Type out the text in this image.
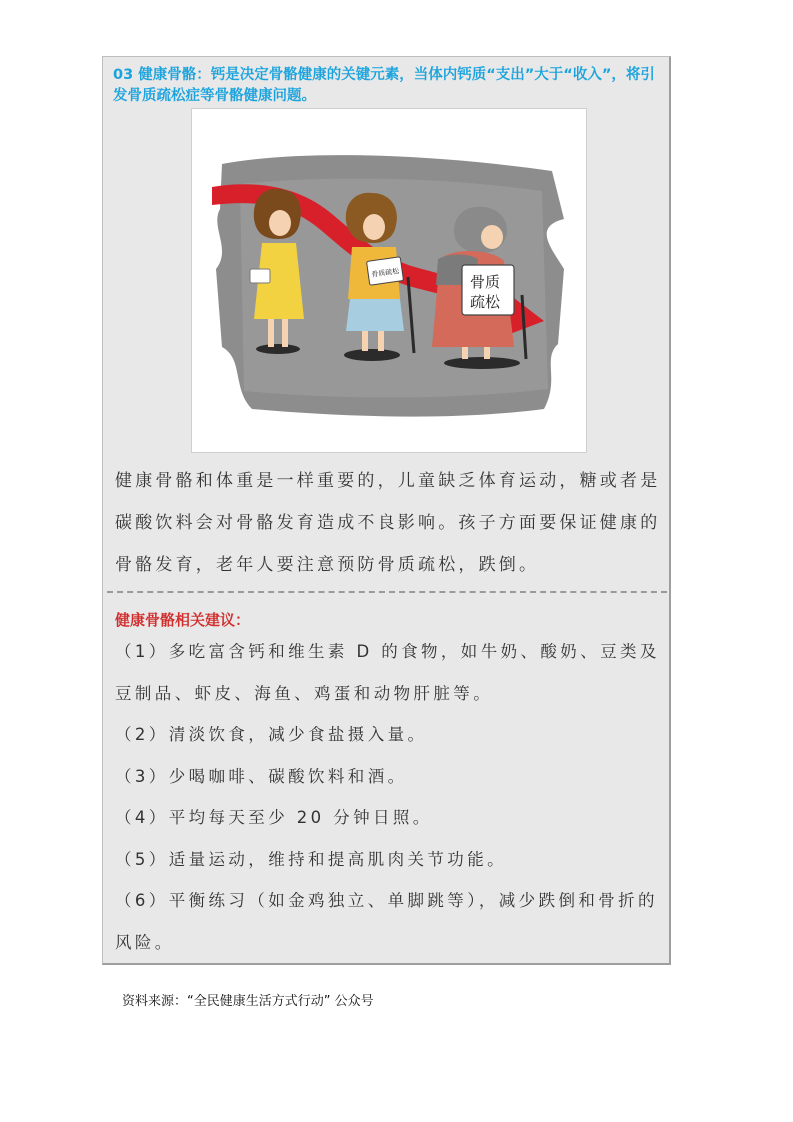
03 健康骨骼：钙是决定骨骼健康的关键元素，当体内钙质“支出”大于“收入”，将引发骨质疏松症等骨骼健康问题。

骨质疏松
骨质
疏松

健康骨骼和体重是一样重要的，儿童缺乏体育运动，糖或者是碳酸饮料会对骨骼发育造成不良影响。孩子方面要保证健康的骨骼发育，老年人要注意预防骨质疏松，跌倒。

健康骨骼相关建议：
（1）多吃富含钙和维生素 D 的食物，如牛奶、酸奶、豆类及豆制品、虾皮、海鱼、鸡蛋和动物肝脏等。
（2）清淡饮食，减少食盐摄入量。
（3）少喝咖啡、碳酸饮料和酒。
（4）平均每天至少 20 分钟日照。
（5）适量运动，维持和提高肌肉关节功能。
（6）平衡练习（如金鸡独立、单脚跳等），减少跌倒和骨折的风险。
资料来源：“全民健康生活方式行动” 公众号
